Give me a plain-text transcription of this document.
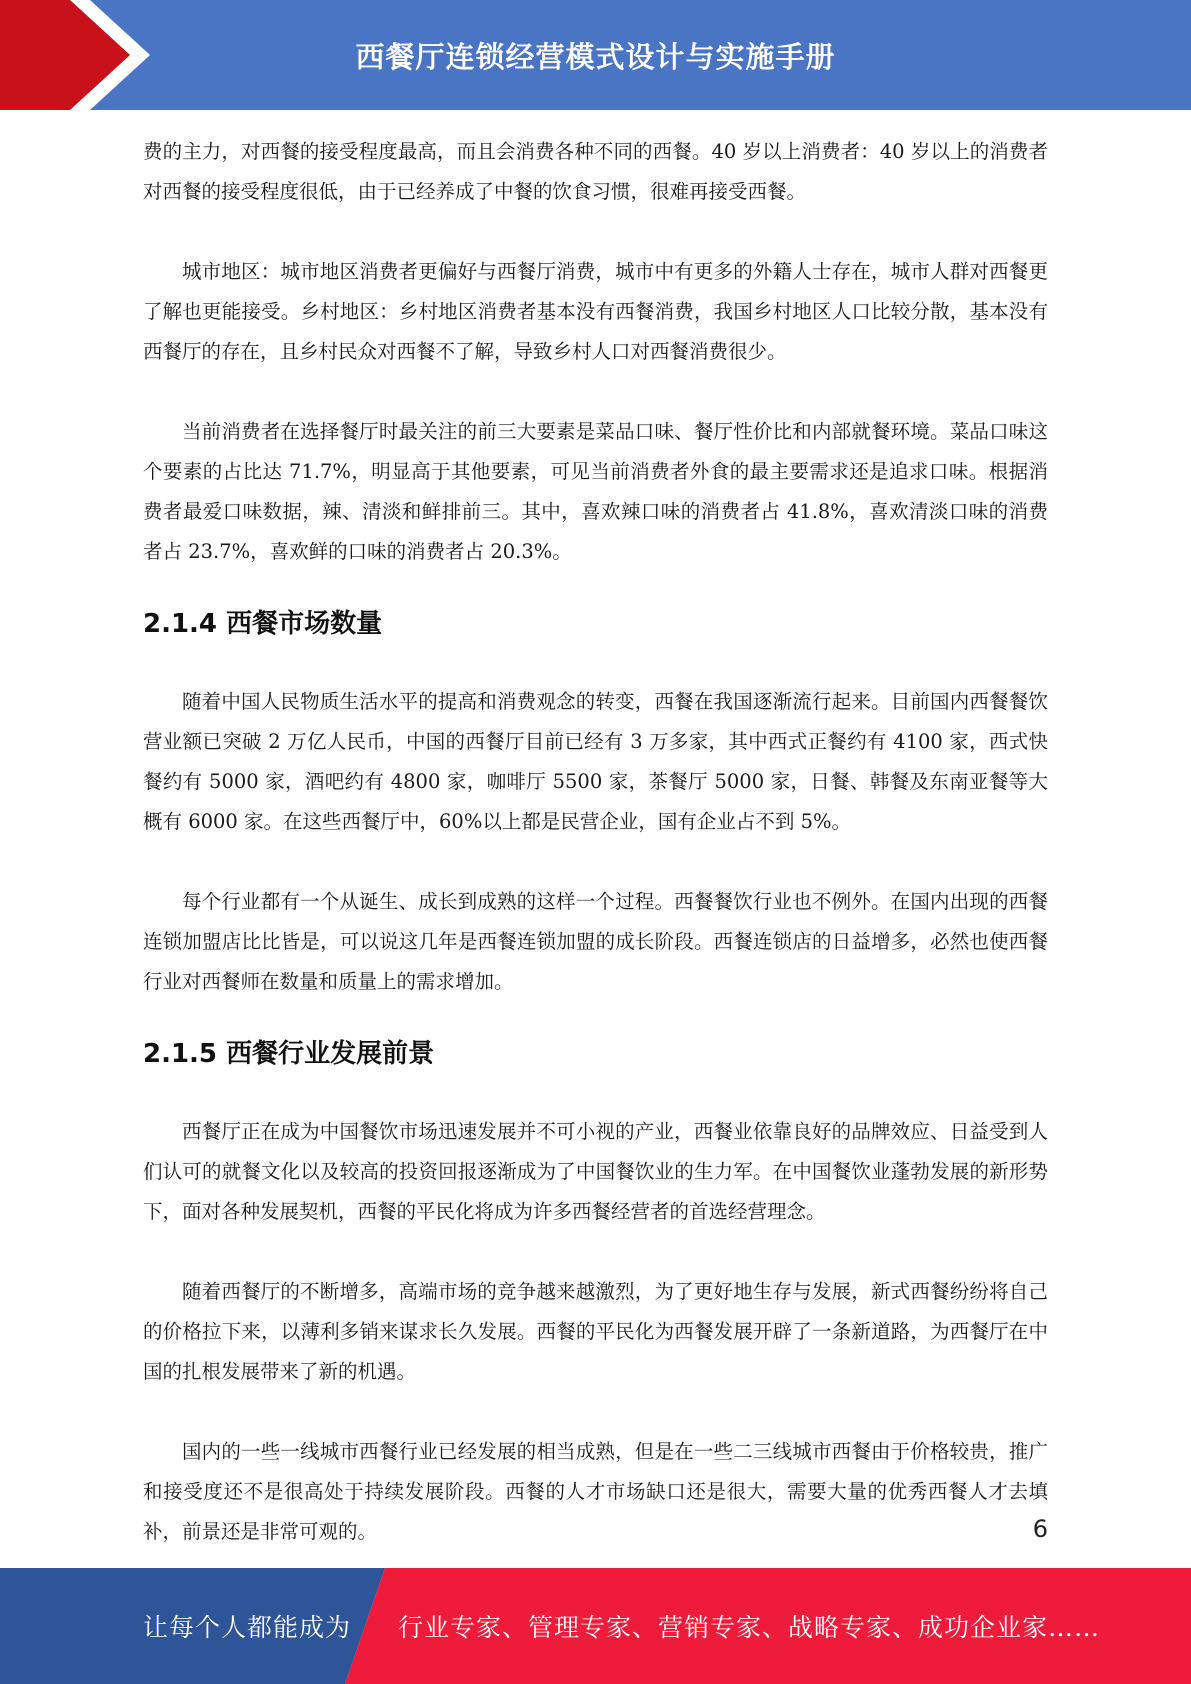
西餐厅连锁经营模式设计与实施手册

费的主力，对西餐的接受程度最高，而且会消费各种不同的西餐。40 岁以上消费者：40 岁以上的消费者对西餐的接受程度很低，由于已经养成了中餐的饮食习惯，很难再接受西餐。

城市地区：城市地区消费者更偏好与西餐厅消费，城市中有更多的外籍人士存在，城市人群对西餐更了解也更能接受。乡村地区：乡村地区消费者基本没有西餐消费，我国乡村地区人口比较分散，基本没有西餐厅的存在，且乡村民众对西餐不了解，导致乡村人口对西餐消费很少。

当前消费者在选择餐厅时最关注的前三大要素是菜品口味、餐厅性价比和内部就餐环境。菜品口味这个要素的占比达 71.7%，明显高于其他要素，可见当前消费者外食的最主要需求还是追求口味。根据消费者最爱口味数据，辣、清淡和鲜排前三。其中，喜欢辣口味的消费者占 41.8%，喜欢清淡口味的消费者占 23.7%，喜欢鲜的口味的消费者占 20.3%。

2.1.4 西餐市场数量

随着中国人民物质生活水平的提高和消费观念的转变，西餐在我国逐渐流行起来。目前国内西餐餐饮营业额已突破 2 万亿人民币，中国的西餐厅目前已经有 3 万多家，其中西式正餐约有 4100 家，西式快餐约有 5000 家，酒吧约有 4800 家，咖啡厅 5500 家，茶餐厅 5000 家，日餐、韩餐及东南亚餐等大概有 6000 家。在这些西餐厅中，60%以上都是民营企业，国有企业占不到 5%。

每个行业都有一个从诞生、成长到成熟的这样一个过程。西餐餐饮行业也不例外。在国内出现的西餐连锁加盟店比比皆是，可以说这几年是西餐连锁加盟的成长阶段。西餐连锁店的日益增多，必然也使西餐行业对西餐师在数量和质量上的需求增加。

2.1.5 西餐行业发展前景

西餐厅正在成为中国餐饮市场迅速发展并不可小视的产业，西餐业依靠良好的品牌效应、日益受到人们认可的就餐文化以及较高的投资回报逐渐成为了中国餐饮业的生力军。在中国餐饮业蓬勃发展的新形势下，面对各种发展契机，西餐的平民化将成为许多西餐经营者的首选经营理念。

随着西餐厅的不断增多，高端市场的竞争越来越激烈，为了更好地生存与发展，新式西餐纷纷将自己的价格拉下来，以薄利多销来谋求长久发展。西餐的平民化为西餐发展开辟了一条新道路，为西餐厅在中国的扎根发展带来了新的机遇。

国内的一些一线城市西餐行业已经发展的相当成熟，但是在一些二三线城市西餐由于价格较贵，推广和接受度还不是很高处于持续发展阶段。西餐的人才市场缺口还是很大，需要大量的优秀西餐人才去填补，前景还是非常可观的。	6
让每个人都能成为 行业专家、管理专家、营销专家、战略专家、成功企业家……
